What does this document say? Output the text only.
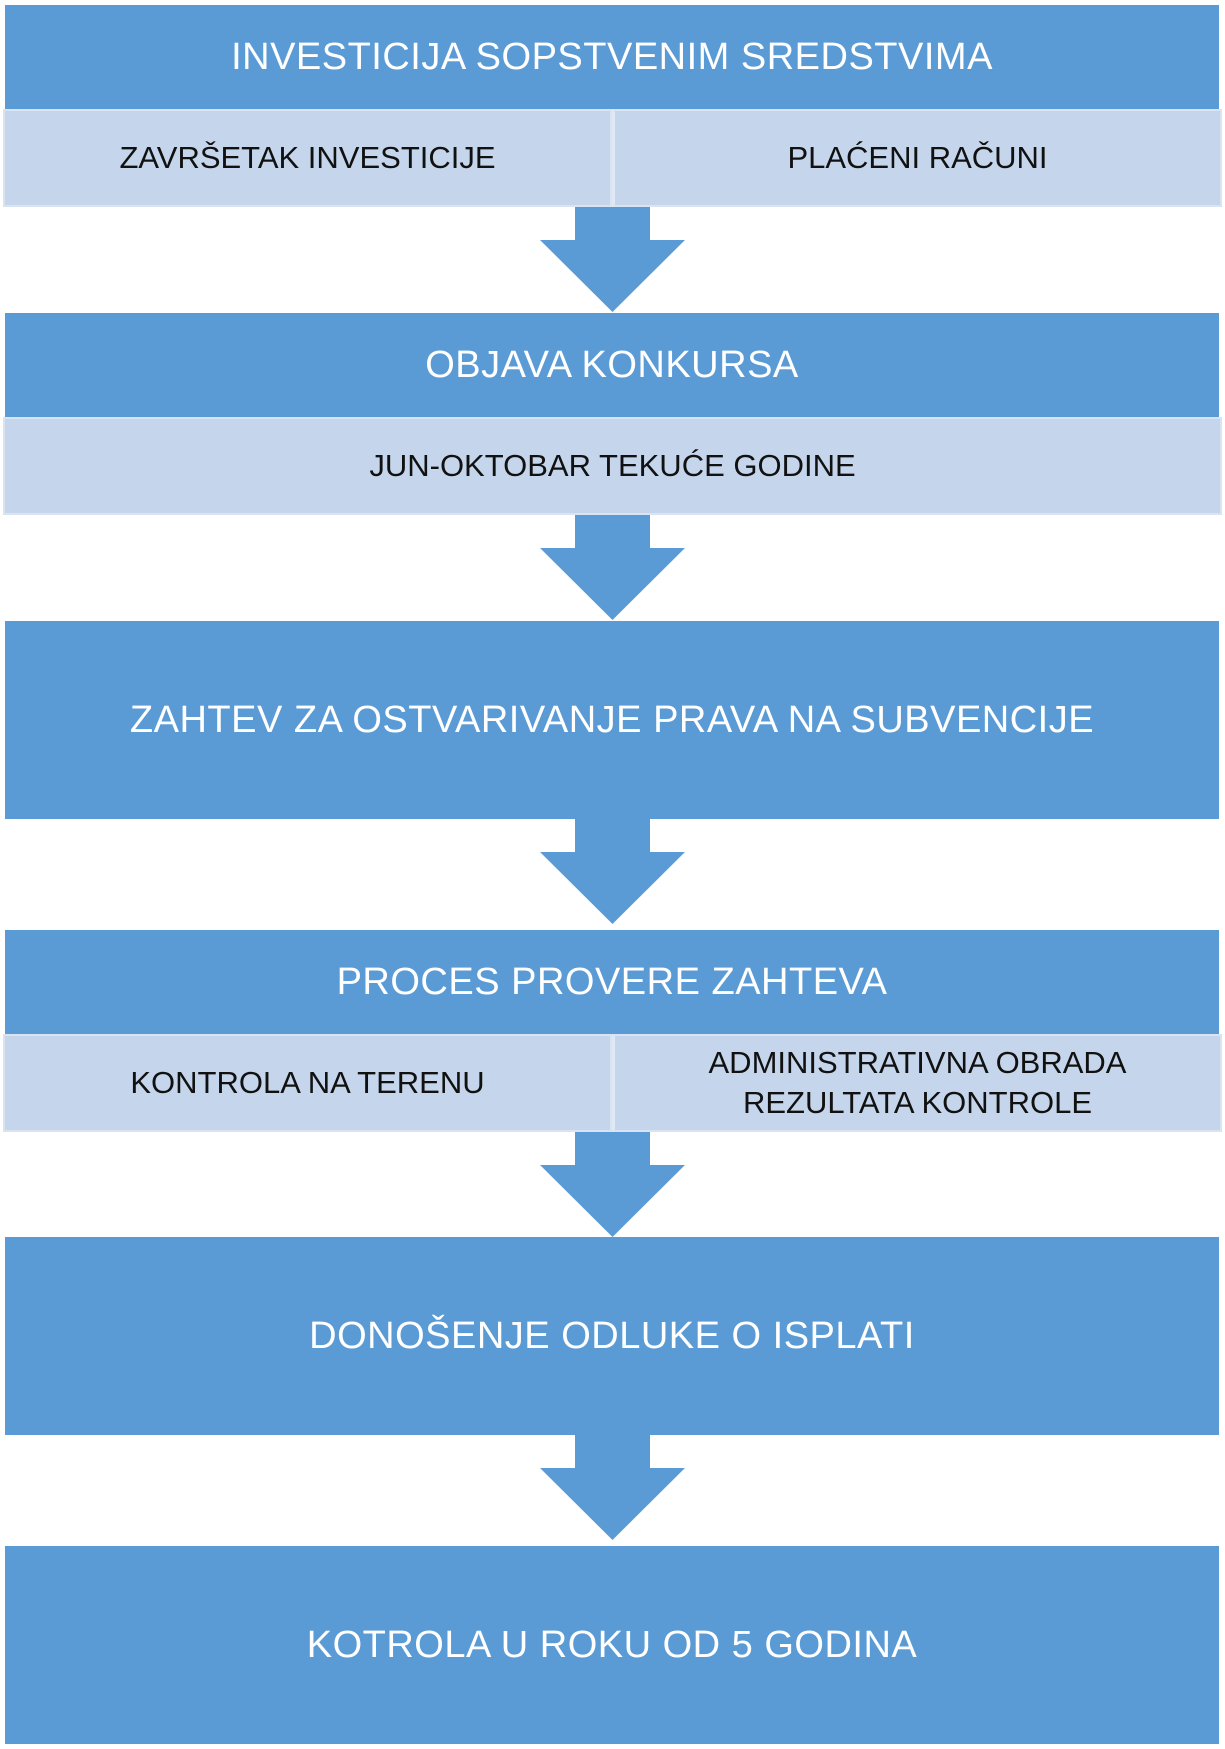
INVESTICIJA SOPSTVENIM SREDSTVIMA
ZAVRŠETAK INVESTICIJE	PLAĆENI RAČUNI
OBJAVA KONKURSA
JUN-OKTOBAR TEKUĆE GODINE
ZAHTEV ZA OSTVARIVANJE PRAVA NA SUBVENCIJE
PROCES PROVERE ZAHTEVA
KONTROLA NA TERENU
ADMINISTRATIVNA OBRADA
REZULTATA KONTROLE
DONOŠENJE ODLUKE O ISPLATI
KOTROLA U ROKU OD 5 GODINA
